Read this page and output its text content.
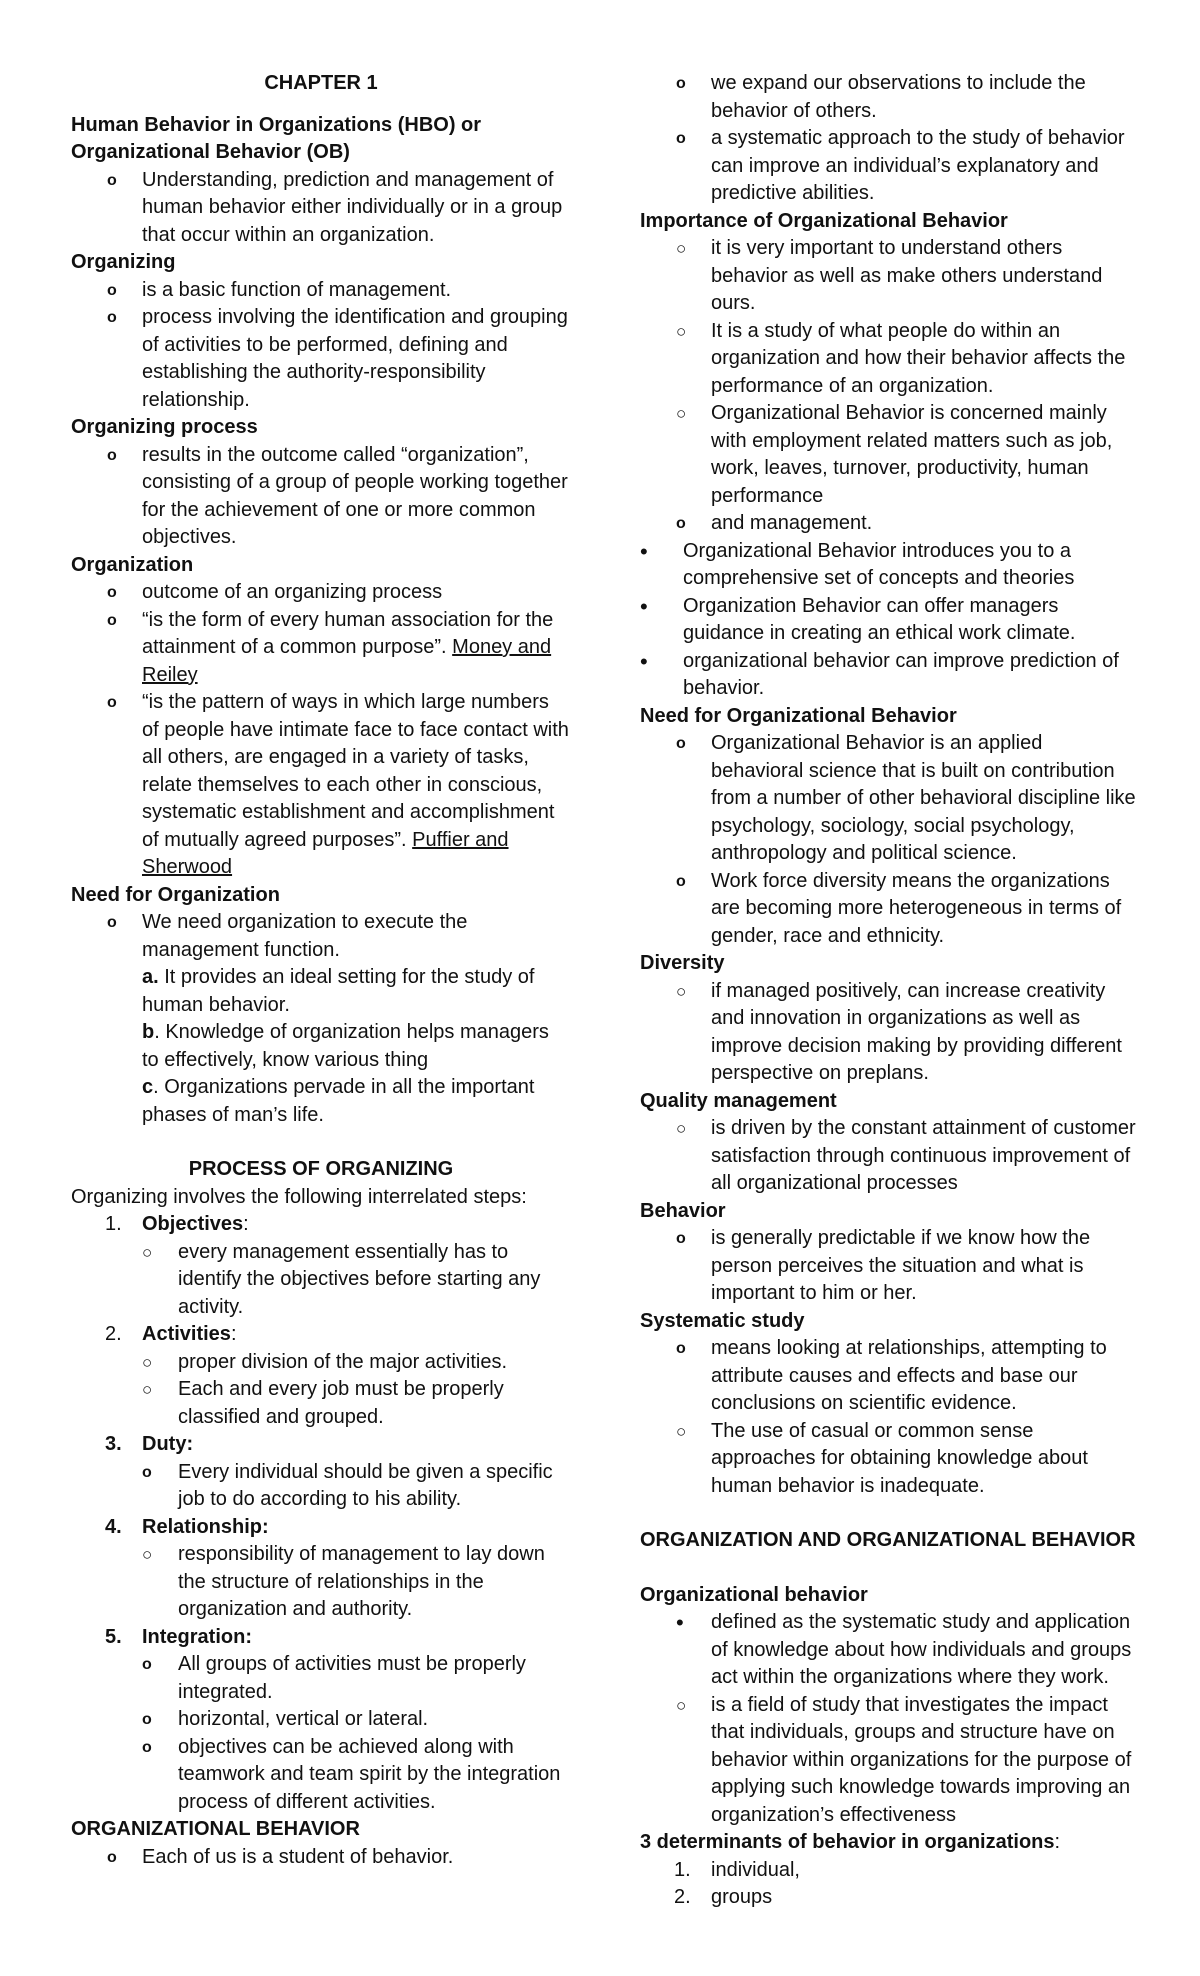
CHAPTER 1
Human Behavior in Organizations (HBO) or
Organizational Behavior (OB)
o Understanding, prediction and management of human behavior either individually or in a group that occur within an organization.
Organizing
o is a basic function of management.
o process involving the identification and grouping of activities to be performed, defining and establishing the authority-responsibility relationship.
Organizing process
o results in the outcome called “organization”, consisting of a group of people working together for the achievement of one or more common objectives.
Organization
o outcome of an organizing process
o “is the form of every human association for the attainment of a common purpose”. Money and Reiley
o “is the pattern of ways in which large numbers of people have intimate face to face contact with all others, are engaged in a variety of tasks, relate themselves to each other in conscious, systematic establishment and accomplishment of mutually agreed purposes”. Puffier and Sherwood
Need for Organization
o We need organization to execute the management function.
a. It provides an ideal setting for the study of human behavior.
b. Knowledge of organization helps managers to effectively, know various thing
c. Organizations pervade in all the important phases of man’s life.
PROCESS OF ORGANIZING
Organizing involves the following interrelated steps:
1. Objectives:
○ every management essentially has to identify the objectives before starting any activity.
2. Activities:
○ proper division of the major activities.
○ Each and every job must be properly classified and grouped.
3. Duty:
o Every individual should be given a specific job to do according to his ability.
4. Relationship:
○ responsibility of management to lay down the structure of relationships in the organization and authority.
5. Integration:
o All groups of activities must be properly integrated.
o horizontal, vertical or lateral.
o objectives can be achieved along with teamwork and team spirit by the integration process of different activities.
ORGANIZATIONAL BEHAVIOR
o Each of us is a student of behavior.
o we expand our observations to include the behavior of others.
o a systematic approach to the study of behavior can improve an individual’s explanatory and predictive abilities.
Importance of Organizational Behavior
○ it is very important to understand others behavior as well as make others understand ours.
○ It is a study of what people do within an organization and how their behavior affects the performance of an organization.
○ Organizational Behavior is concerned mainly with employment related matters such as job, work, leaves, turnover, productivity, human performance
o and management.
• Organizational Behavior introduces you to a comprehensive set of concepts and theories
• Organization Behavior can offer managers guidance in creating an ethical work climate.
• organizational behavior can improve prediction of behavior.
Need for Organizational Behavior
o Organizational Behavior is an applied behavioral science that is built on contribution from a number of other behavioral discipline like psychology, sociology, social psychology, anthropology and political science.
o Work force diversity means the organizations are becoming more heterogeneous in terms of gender, race and ethnicity.
Diversity
○ if managed positively, can increase creativity and innovation in organizations as well as improve decision making by providing different perspective on preplans.
Quality management
○ is driven by the constant attainment of customer satisfaction through continuous improvement of all organizational processes
Behavior
o is generally predictable if we know how the person perceives the situation and what is important to him or her.
Systematic study
o means looking at relationships, attempting to attribute causes and effects and base our conclusions on scientific evidence.
○ The use of casual or common sense approaches for obtaining knowledge about human behavior is inadequate.
ORGANIZATION AND ORGANIZATIONAL BEHAVIOR
Organizational behavior
• defined as the systematic study and application of knowledge about how individuals and groups act within the organizations where they work.
○ is a field of study that investigates the impact that individuals, groups and structure have on behavior within organizations for the purpose of applying such knowledge towards improving an organization’s effectiveness
3 determinants of behavior in organizations:
1. individual,
2. groups
